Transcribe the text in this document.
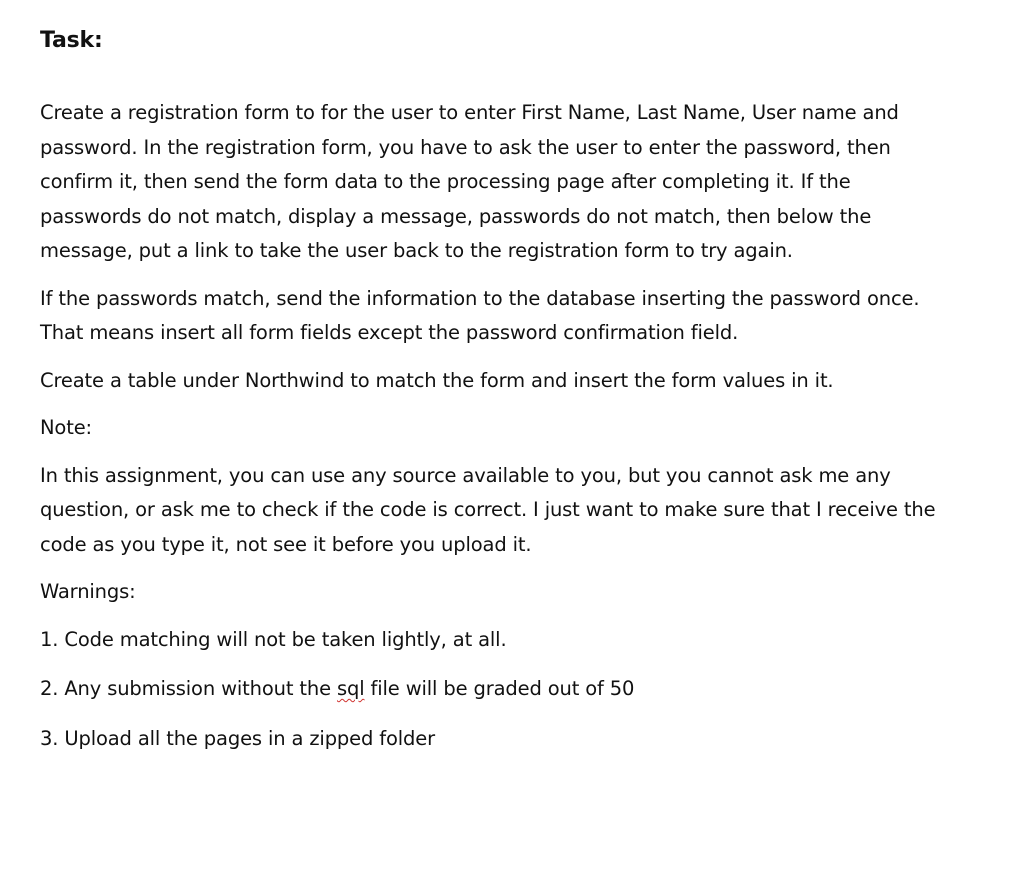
Task:

Create a registration form to for the user to enter First Name, Last Name, User name and password. In the registration form, you have to ask the user to enter the password, then confirm it, then send the form data to the processing page after completing it. If the passwords do not match, display a message, passwords do not match, then below the message, put a link to take the user back to the registration form to try again.

If the passwords match, send the information to the database inserting the password once. That means insert all form fields except the password confirmation field.

Create a table under Northwind to match the form and insert the form values in it.

Note:

In this assignment, you can use any source available to you, but you cannot ask me any question, or ask me to check if the code is correct. I just want to make sure that I receive the code as you type it, not see it before you upload it.

Warnings:

1. Code matching will not be taken lightly, at all.
2. Any submission without the sql file will be graded out of 50
3. Upload all the pages in a zipped folder
